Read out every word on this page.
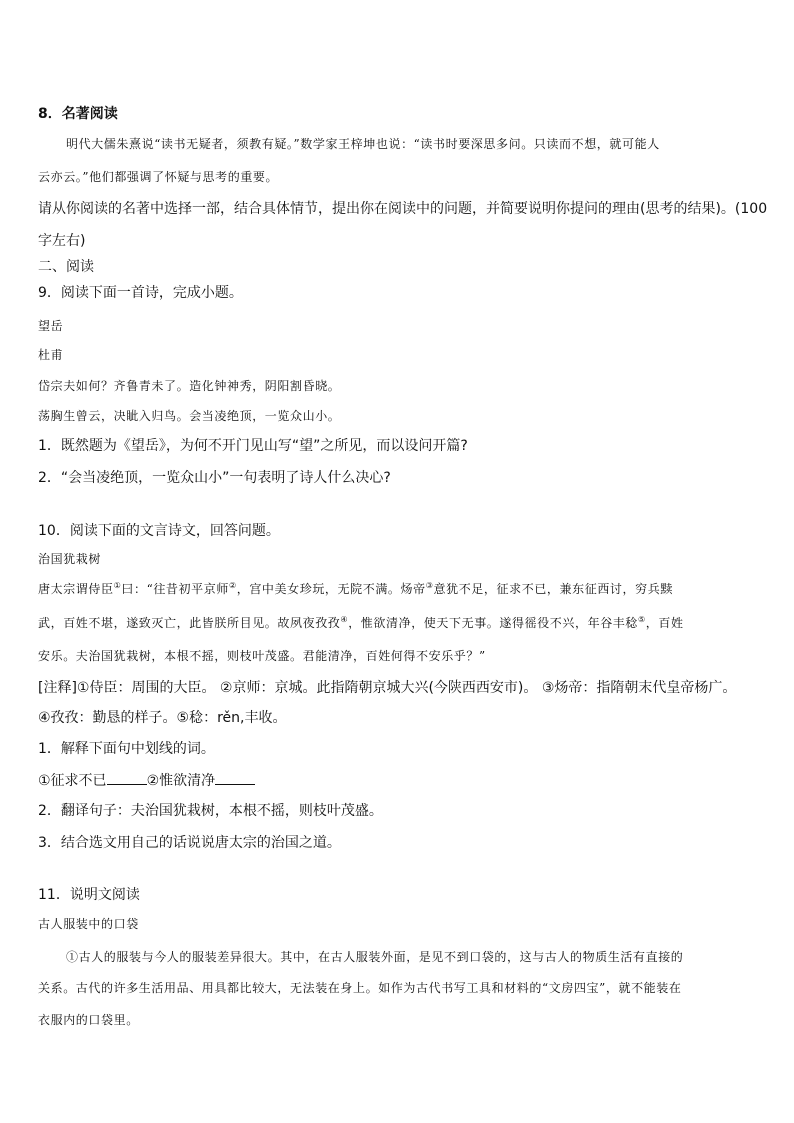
8．名著阅读
明代大儒朱熹说“读书无疑者，须教有疑。”数学家王梓坤也说：“读书时要深思多问。只读而不想，就可能人
云亦云。”他们都强调了怀疑与思考的重要。
请从你阅读的名著中选择一部，结合具体情节，提出你在阅读中的问题，并简要说明你提问的理由(思考的结果)。(100
字左右)
二、阅读
9．阅读下面一首诗，完成小题。
望岳
杜甫
岱宗夫如何？齐鲁青未了。造化钟神秀，阴阳割昏晓。
荡胸生曾云，决眦入归鸟。会当凌绝顶，一览众山小。
1．既然题为《望岳》，为何不开门见山写“望”之所见，而以设问开篇?
2．“会当凌绝顶，一览众山小”一句表明了诗人什么决心?
10．阅读下面的文言诗文，回答问题。
治国犹栽树
唐太宗谓侍臣①曰：“往昔初平京师②，宫中美女珍玩，无院不满。炀帝③意犹不足，征求不已，兼东征西讨，穷兵黩
武，百姓不堪，遂致灭亡，此皆朕所目见。故夙夜孜孜④，惟欲清净，使天下无事。遂得徭役不兴，年谷丰稔⑤，百姓
安乐。夫治国犹栽树，本根不摇，则枝叶茂盛。君能清净，百姓何得不安乐乎？”
[注释]①侍臣：周围的大臣。 ②京师：京城。此指隋朝京城大兴(今陕西西安市)。 ③炀帝：指隋朝末代皇帝杨广。
④孜孜：勤恳的样子。⑤稔：rěn,丰收。
1．解释下面句中划线的词。
①征求不已	②惟欲清净
2．翻译句子：夫治国犹栽树，本根不摇，则枝叶茂盛。
3．结合选文用自己的话说说唐太宗的治国之道。
11．说明文阅读
古人服装中的口袋
①古人的服装与今人的服装差异很大。其中，在古人服装外面，是见不到口袋的，这与古人的物质生活有直接的
关系。古代的许多生活用品、用具都比较大，无法装在身上。如作为古代书写工具和材料的“文房四宝”，就不能装在
衣服内的口袋里。
